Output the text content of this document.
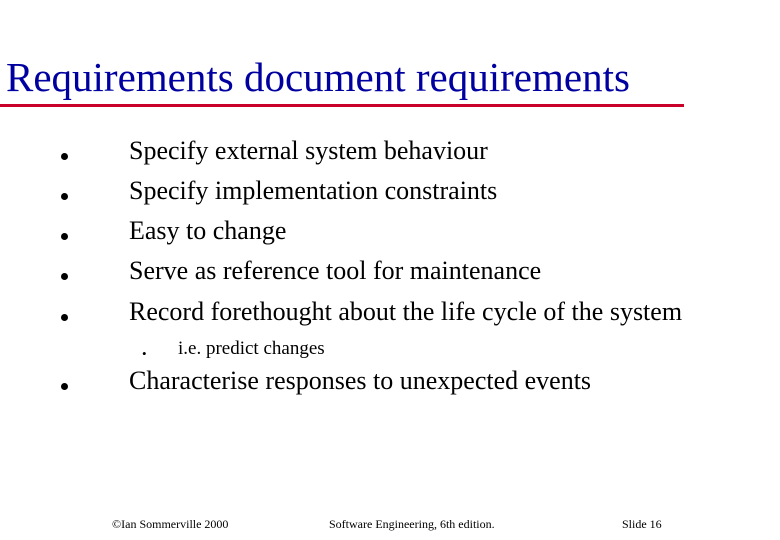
Requirements document requirements
Specify external system behaviour
Specify implementation constraints
Easy to change
Serve as reference tool for maintenance
Record forethought about the life cycle of the system
• i.e. predict changes
Characterise responses to unexpected events
©Ian Sommerville 2000	Software Engineering, 6th edition.	Slide 16
